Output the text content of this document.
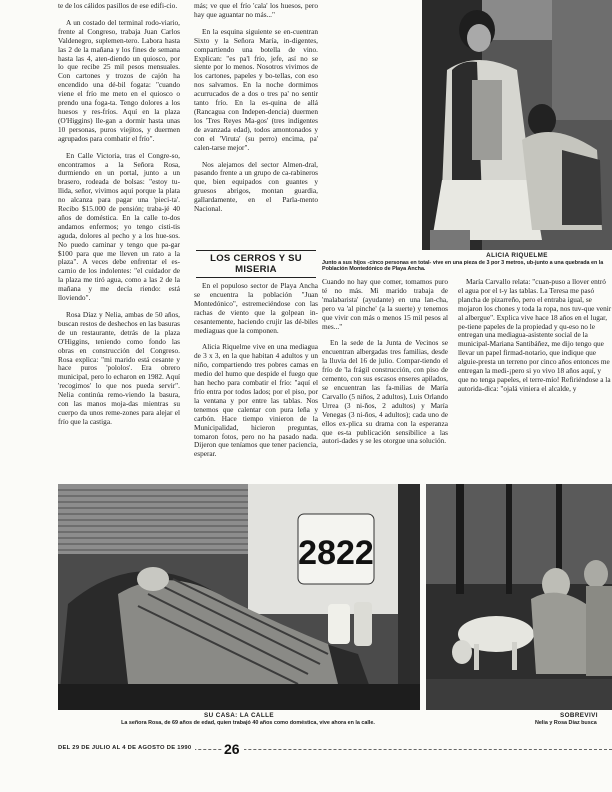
te de los cálidos pasillos de ese edifi-cio.

A un costado del terminal rodo-viario, frente al Congreso, trabaja Juan Carlos Valdenegro, suplemen-tero. Labora hasta las 2 de la mañana y los fines de semana hasta las 4, aten-diendo un quiosco, por lo que recibe 25 mil pesos mensuales. Con cartones y trozos de cajón ha encendido una dé-bil fogata: "cuando viene el frío me meto en el quiosco o prendo una foga-ta. Tengo dolores a los huesos y res-fríos. Aquí en la plaza (O'Higgins) lle-gan a dormir hasta unas 10 personas, puros viejitos, y duermen agrupados para combatir el frío".

En Calle Victoria, tras el Congre-so, encontramos a la Señora Rosa, durmiendo en un portal, junto a un brasero, rodeada de bolsas: "estoy tu-llida, señor, vivimos aquí porque la plata no alcanza para pagar una 'pieci-ta'. Recibo $15.000 de pensión; traba-jé 40 años de doméstica. En la calle to-dos andamos enfermos; yo tengo cisti-tis aguda, dolores al pecho y a los hue-sos. No puedo caminar y tengo que pa-gar $100 para que me lleven un rato a la plaza". A veces debe enfrentar el es-carnio de los indolentes: "el cuidador de la plaza me tiró agua, como a las 2 de la mañana y me decía riendo: está lloviendo".

Rosa Díaz y Nelia, ambas de 50 años, buscan restos de deshechos en las basuras de un restaurante, detrás de la plaza O'Higgins, teniendo como fondo las obras en construcción del Congreso. Rosa explica: "mi marido está cesante y hace puros 'pololos'. Era obrero municipal, pero lo echaron en 1982. Aquí 'recogimos' lo que nos pueda servir". Nelia continúa remo-viendo la basura, con las manos moja-das mientras su cuerpo da unos reme-zones para alejar el frío que la castiga.

más; ve que el frío 'cala' los huesos, pero hay que aguantar no más..."

En la esquina siguiente se en-cuentran Sixto y la Señora María, in-digentes, compartiendo una botella de vino. Explican: "es pa'l frío, jefe, así no se siente por lo menos. Nosotros vivimos de los cartones, papeles y bo-tellas, con eso nos salvamos. En la noche dormimos acurrucados de a dos o tres pa' no sentir tanto frío. En la es-quina de allá (Rancagua con Indepen-dencia) duermen los 'Tres Reyes Ma-gos' (tres indigentes de avanzada edad), todos amontonados y con el 'Viruta' (su perro) encima, pa' calen-tarse mejor".

Nos alejamos del sector Almen-dral, pasando frente a un grupo de ca-rabineros que, bien equipados con guantes y gruesos abrigos, montan guardia, gallardamente, en el Parla-mento Nacional.

LOS CERROS Y SU MISERIA

En el populoso sector de Playa Ancha se encuentra la población "Juan Montedónico", estremeciéndose con las rachas de viento que la golpean in-cesantemente, haciendo crujir las dé-biles mediaguas que la componen.

Alicia Riquelme vive en una mediagua de 3 x 3, en la que habitan 4 adultos y un niño, compartiendo tres pobres camas en medio del humo que despide el fuego que han hecho para combatir el frío: "aquí el frío entra por todos lados; por el piso, por la ventana y por entre las tablas. Nos tenemos que calentar con pura leña y carbón. Hace tiempo vinieron de la Municipalidad, hicieron preguntas, tomaron fotos, pero no ha pasado nada. Dijeron que teníamos que tener paciencia, esperar.

ALICIA RIQUELME
Junto a sus hijos -cinco personas en total- vive en una pieza de 3 por 3 metros, ub-junto a una quebrada en la Población Montedónico de Playa Ancha.

Cuando no hay que comer, tomamos puro té no más. Mi marido trabaja de 'malabarista' (ayudante) en una lan-cha, pero va 'al pinche' (a la suerte) y tenemos que vivir con más o menos 15 mil pesos al mes..."

En la sede de la Junta de Vecinos se encuentran albergadas tres familias, desde la lluvia del 16 de julio. Compar-tiendo el frío de 'la frágil construcción, con piso de cemento, con sus escasos enseres apilados, se encuentran las fa-milias de María Carvallo (5 niños, 2 adultos), Luis Orlando Urrea (3 ni-ños, 2 adultos) y María Venegas (3 ni-ños, 4 adultos); cada uno de ellos ex-plica su drama con la esperanza que es-ta publicación sensibilice a las autori-dades y se les otorgue una solución.

María Carvallo relata: "cuan-puso a llover entró el agua por el t-y las tablas. La Teresa me pasó plancha de pizarreño, pero el entraba igual, se mojaron los chones y toda la ropa, nos tuv-que venir al albergue". Explica vive hace 18 años en el lugar, pe-tiene papeles de la propiedad y qu-eso no le entregan una mediagua-asistente social de la municipal-Mariana Santibáñez, me dijo tengo que llevar un papel firmad-notario, que indique que alguie-presta un terreno por cinco años entonces me entregan la medi-¡pero si yo vivo 18 años aquí, y que no tenga papeles, el terre-mío! Refiriéndose a la autorida-dica: "ojalá viniera el alcalde, y

2822
SU CASA: LA CALLE
La señora Rosa, de 69 años de edad, quien trabajó 40 años como doméstica, vive ahora en la calle.
SOBREVIVI
Nelia y Rosa Díaz busca
DEL 29 DE JULIO AL 4 DE AGOSTO DE 1990 26
